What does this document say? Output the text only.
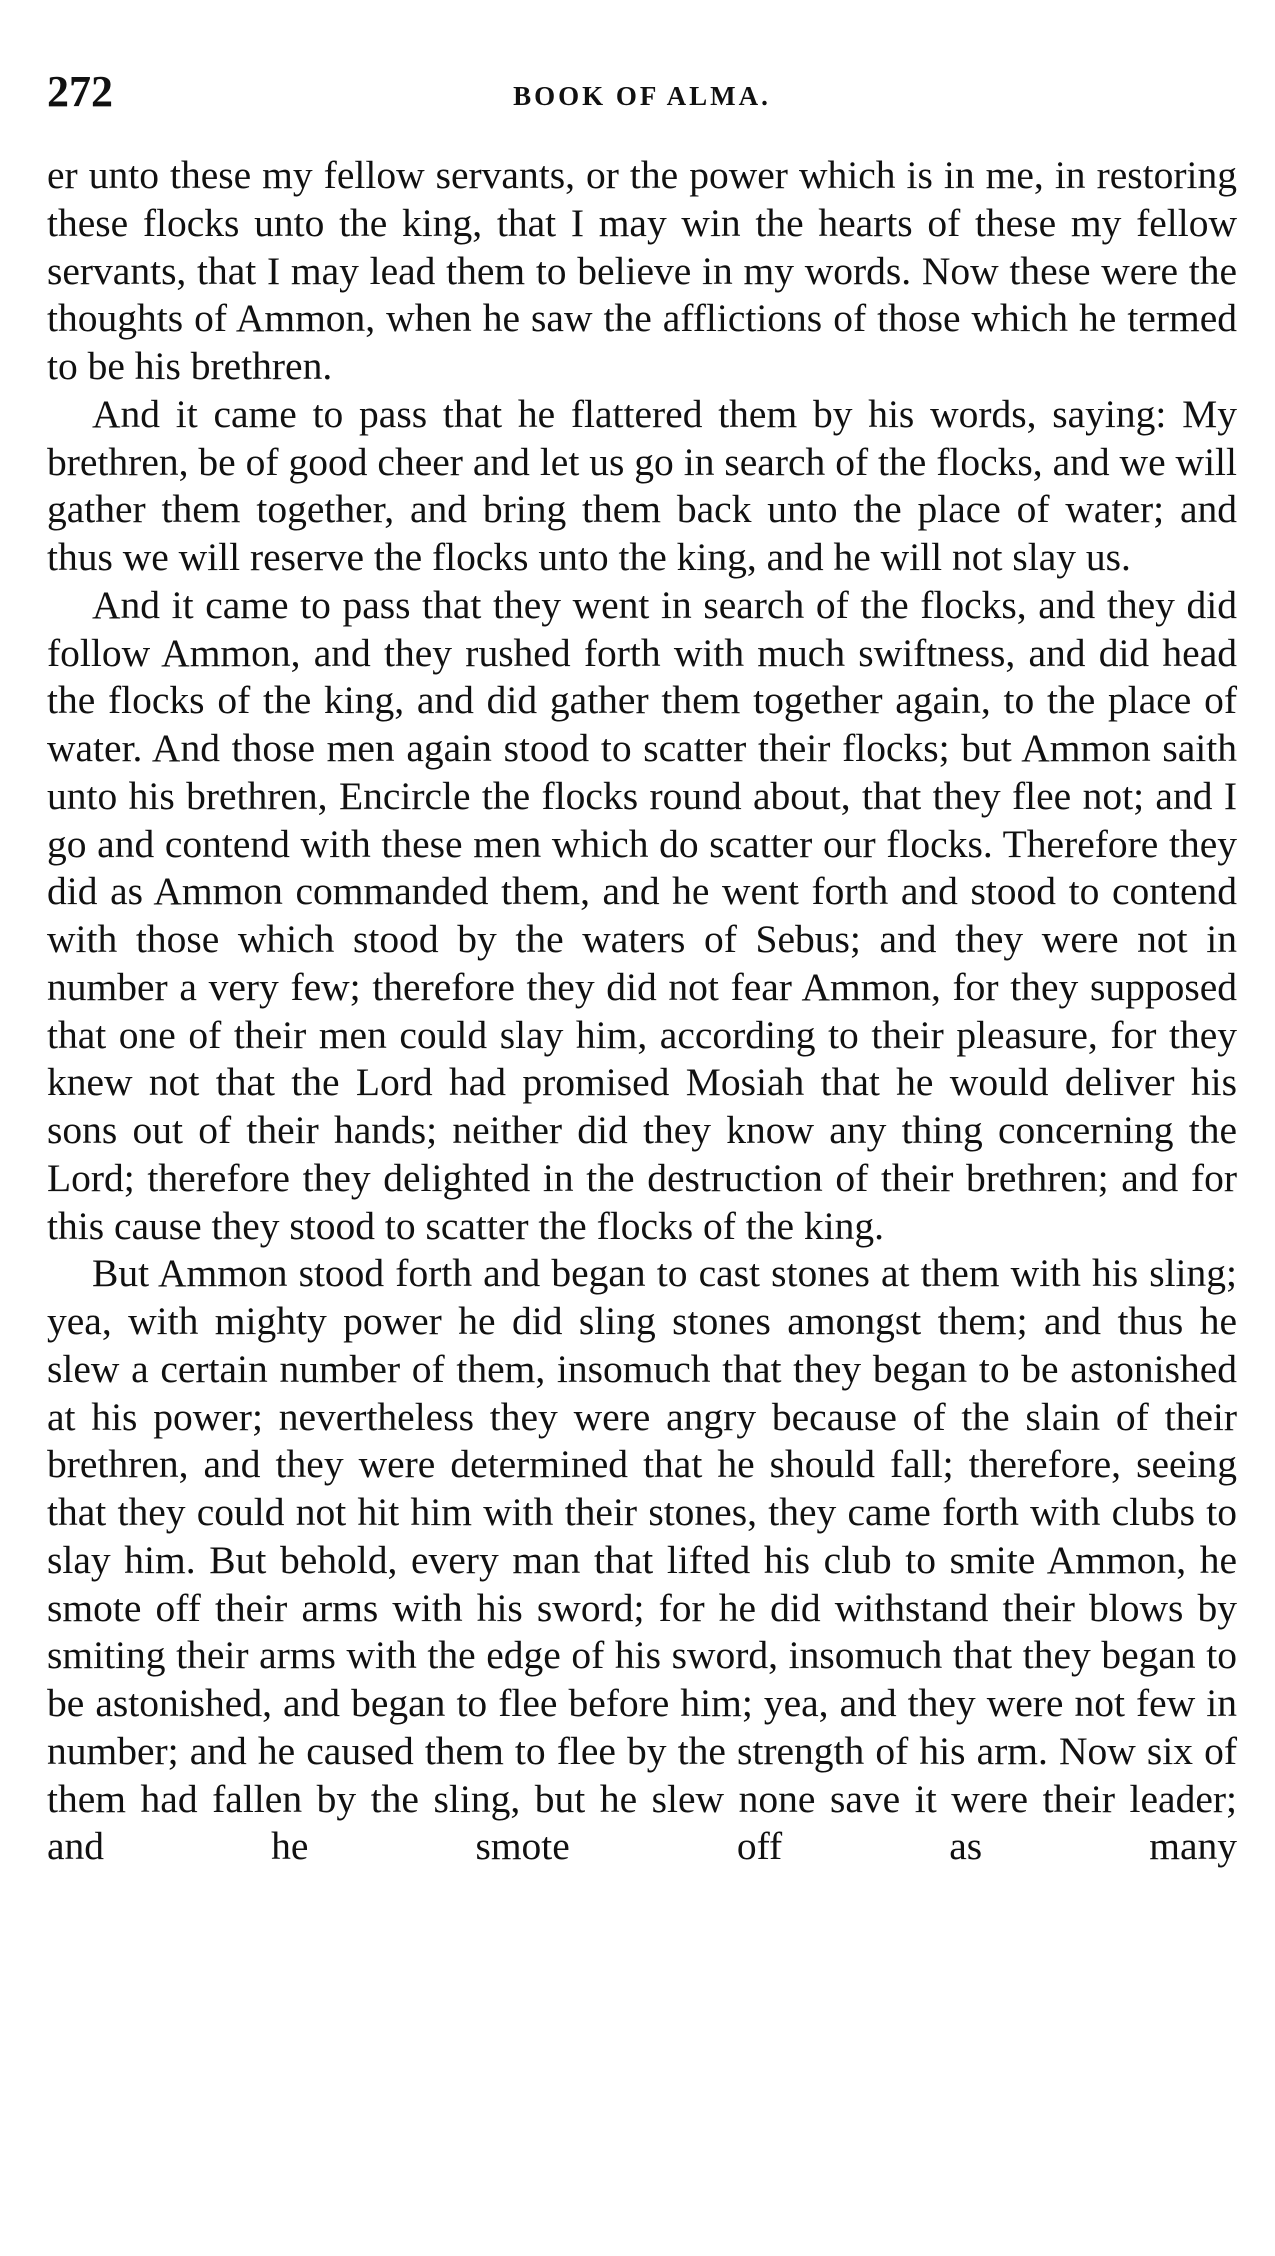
272	BOOK OF ALMA.

er unto these my fellow servants, or the power which is in me, in restoring these flocks unto the king, that I may win the hearts of these my fellow servants, that I may lead them to believe in my words. Now these were the thoughts of Ammon, when he saw the afflictions of those which he termed to be his brethren.

And it came to pass that he flattered them by his words, saying: My brethren, be of good cheer and let us go in search of the flocks, and we will gather them together, and bring them back unto the place of water; and thus we will reserve the flocks unto the king, and he will not slay us.

And it came to pass that they went in search of the flocks, and they did follow Ammon, and they rushed forth with much swiftness, and did head the flocks of the king, and did gather them together again, to the place of water. And those men again stood to scatter their flocks; but Ammon saith unto his brethren, Encircle the flocks round about, that they flee not; and I go and contend with these men which do scatter our flocks. Therefore they did as Ammon commanded them, and he went forth and stood to contend with those which stood by the waters of Sebus; and they were not in number a very few; therefore they did not fear Ammon, for they supposed that one of their men could slay him, according to their pleasure, for they knew not that the Lord had promised Mosiah that he would deliver his sons out of their hands; neither did they know any thing concerning the Lord; therefore they delighted in the destruction of their brethren; and for this cause they stood to scatter the flocks of the king.

But Ammon stood forth and began to cast stones at them with his sling; yea, with mighty power he did sling stones amongst them; and thus he slew a certain number of them, insomuch that they began to be astonished at his power; nevertheless they were angry because of the slain of their brethren, and they were determined that he should fall; therefore, seeing that they could not hit him with their stones, they came forth with clubs to slay him. But behold, every man that lifted his club to smite Ammon, he smote off their arms with his sword; for he did withstand their blows by smiting their arms with the edge of his sword, insomuch that they began to be astonished, and began to flee before him; yea, and they were not few in number; and he caused them to flee by the strength of his arm. Now six of them had fallen by the sling, but he slew none save it were their leader; and he smote off as many
